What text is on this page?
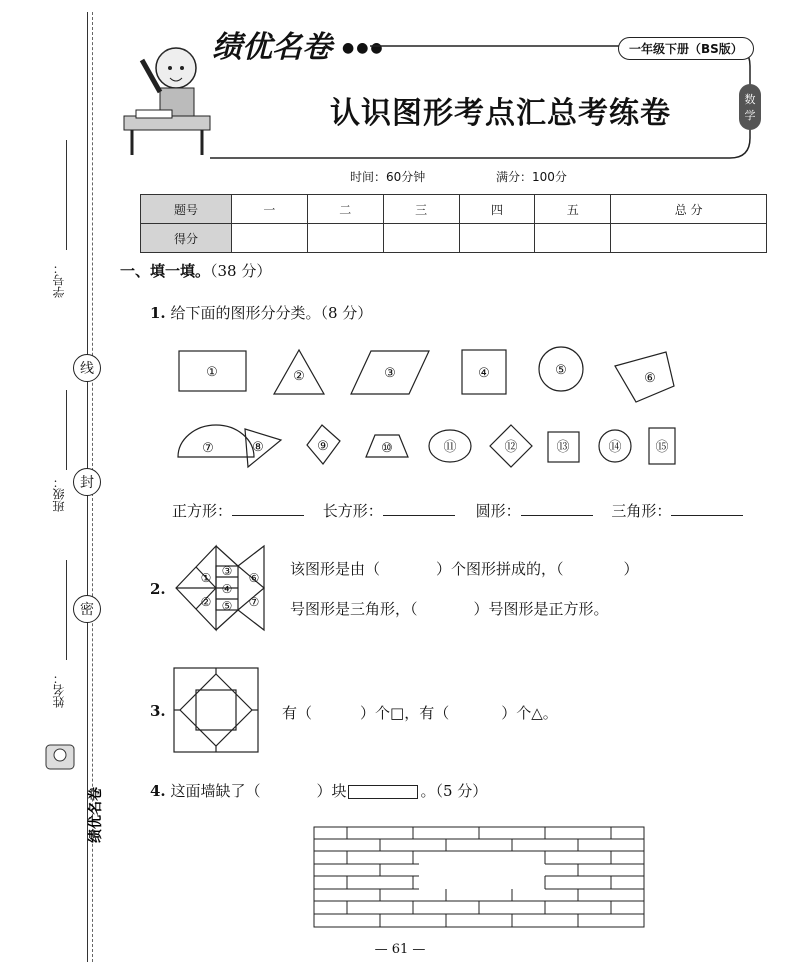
学号：
班级：
姓名：
线
封
密
绩优名卷
绩优名卷 ●●●	一年级下册（BS版）
数
学
认识图形考点汇总考练卷
时间：60分钟	满分：100分
题号	一	二	三	四	五	总 分
得分						
一、填一填。（38 分）
1. 给下面的图形分分类。（8 分）
①	②	③	④	⑤
⑥
⑦	⑧	⑨	⑩	⑪	⑫	⑬	⑭	⑮
正方形：	长方形：	圆形：	三角形：
2.
①
②
③
④
⑤
⑥
⑦
该图形是由（	）个图形拼成的，（	）
号图形是三角形，（	）号图形是正方形。
3.	有（	）个□，有（	）个△。
4. 这面墙缺了（	）块	。（5 分）
— 61 —
